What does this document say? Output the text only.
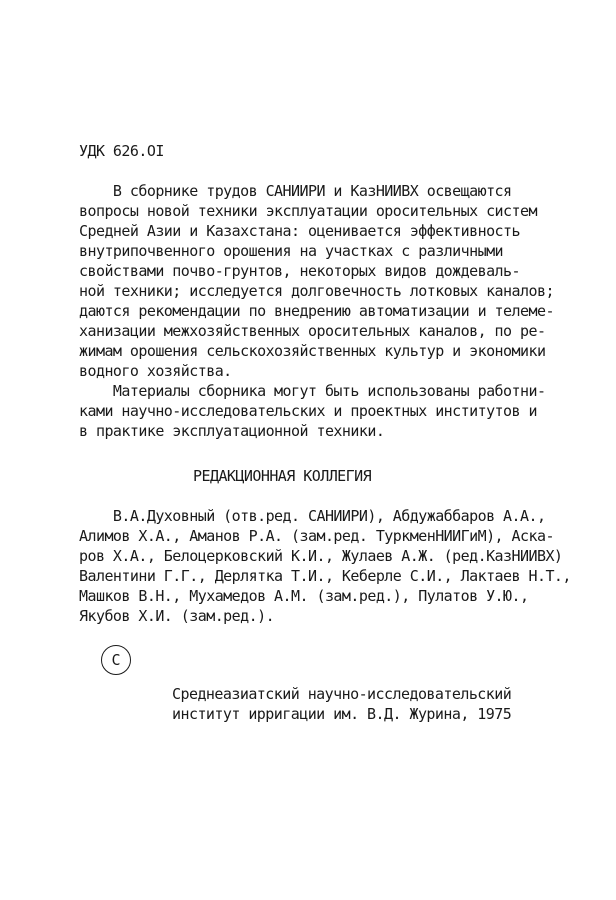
УДК 626.OI
В сборнике трудов САНИИРИ и КазНИИВХ освещаются
вопросы новой техники эксплуатации оросительных систем
Средней Азии и Казахстана: оценивается эффективность
внутрипочвенного орошения на участках с различными
свойствами почво-грунтов, некоторых видов дождеваль-
ной техники; исследуется долговечность лотковых каналов;
даются рекомендации по внедрению автоматизации и телеме-
ханизации межхозяйственных оросительных каналов, по ре-
жимам орошения сельскохозяйственных культур и экономики
водного хозяйства.
Материалы сборника могут быть использованы работни-
ками научно-исследовательских и проектных институтов и
в практике эксплуатационной техники.
РЕДАКЦИОННАЯ КОЛЛЕГИЯ
В.А.Духовный (отв.ред. САНИИРИ), Абдужаббаров А.А.,
Алимов Х.А., Аманов Р.А. (зам.ред. ТуркменНИИГиМ), Аска-
ров Х.А., Белоцерковский К.И., Жулаев А.Ж. (ред.КазНИИВХ)
Валентини Г.Г., Дерлятка Т.И., Keберле С.И., Лактаев Н.Т.,
Машков В.Н., Мухамедов А.М. (зам.ред.), Пулатов У.Ю.,
Якубов Х.И. (зам.ред.).
С
Среднеазиатский научно-исследовательский
институт ирригации им. В.Д. Журина, 1975
